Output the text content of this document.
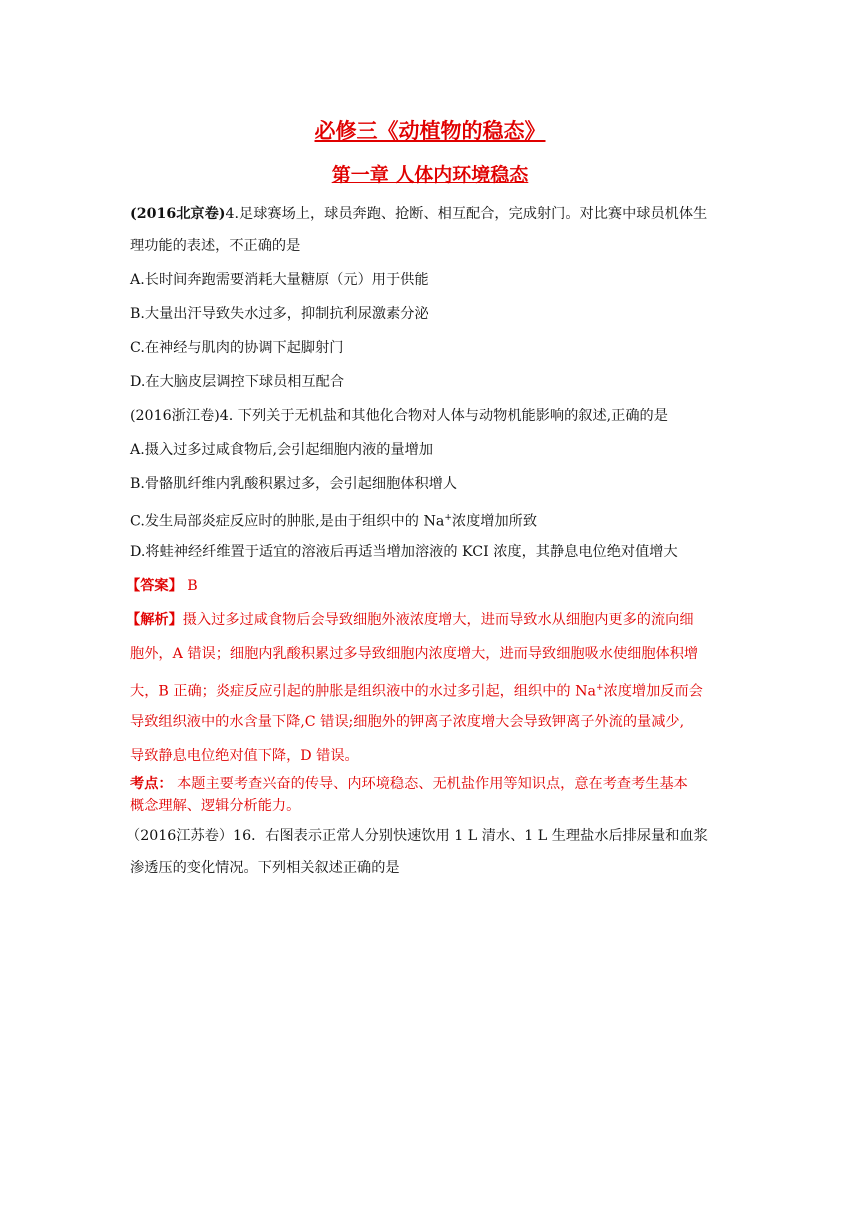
必修三《动植物的稳态》
第一章 人体内环境稳态
(2016北京卷)4.足球赛场上，球员奔跑、抢断、相互配合，完成射门。对比赛中球员机体生
理功能的表述，不正确的是
A.长时间奔跑需要消耗大量糖原（元）用于供能
B.大量出汗导致失水过多，抑制抗利尿激素分泌
C.在神经与肌肉的协调下起脚射门
D.在大脑皮层调控下球员相互配合
(2016浙江卷)4. 下列关于无机盐和其他化合物对人体与动物机能影响的叙述,正确的是
A.摄入过多过咸食物后,会引起细胞内液的量增加
B.骨骼肌纤维内乳酸积累过多，会引起细胞体积增人
C.发生局部炎症反应时的肿胀,是由于组织中的 Na+浓度增加所致
D.将蛙神经纤维置于适宜的溶液后再适当增加溶液的 KCI 浓度，其静息电位绝对值增大
【答案】 B
【解析】摄入过多过咸食物后会导致细胞外液浓度增大，进而导致水从细胞内更多的流向细
胞外，A 错误；细胞内乳酸积累过多导致细胞内浓度增大，进而导致细胞吸水使细胞体积增
大，B 正确；炎症反应引起的肿胀是组织液中的水过多引起，组织中的 Na+浓度增加反而会
导致组织液中的水含量下降,C 错误;细胞外的钾离子浓度增大会导致钾离子外流的量减少,
导致静息电位绝对值下降，D 错误。
考点： 本题主要考查兴奋的传导、内环境稳态、无机盐作用等知识点，意在考查考生基本
概念理解、逻辑分析能力。
（2016江苏卷）16．右图表示正常人分别快速饮用 1 L 清水、1 L 生理盐水后排尿量和血浆
渗透压的变化情况。下列相关叙述正确的是
